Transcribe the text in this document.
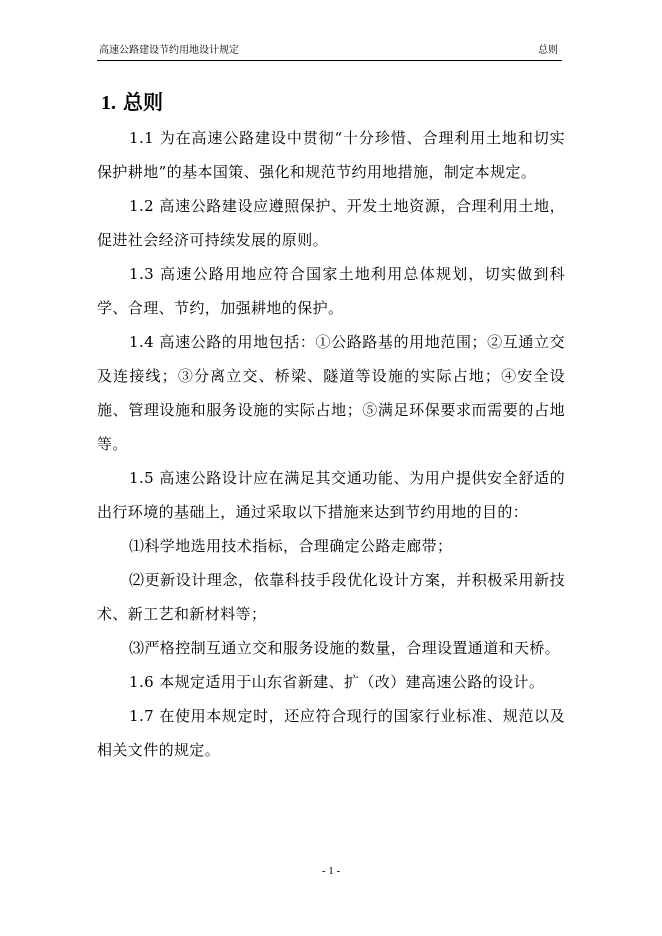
高速公路建设节约用地设计规定	总则
1. 总则

1.1 为在高速公路建设中贯彻“十分珍惜、合理利用土地和切实保护耕地”的基本国策、强化和规范节约用地措施，制定本规定。

1.2 高速公路建设应遵照保护、开发土地资源，合理利用土地，促进社会经济可持续发展的原则。

1.3 高速公路用地应符合国家土地利用总体规划，切实做到科学、合理、节约，加强耕地的保护。

1.4 高速公路的用地包括：①公路路基的用地范围；②互通立交及连接线；③分离立交、桥梁、隧道等设施的实际占地；④安全设施、管理设施和服务设施的实际占地；⑤满足环保要求而需要的占地等。

1.5 高速公路设计应在满足其交通功能、为用户提供安全舒适的出行环境的基础上，通过采取以下措施来达到节约用地的目的：

⑴科学地选用技术指标，合理确定公路走廊带；

⑵更新设计理念，依靠科技手段优化设计方案，并积极采用新技术、新工艺和新材料等；

⑶严格控制互通立交和服务设施的数量，合理设置通道和天桥。

1.6 本规定适用于山东省新建、扩（改）建高速公路的设计。

1.7 在使用本规定时，还应符合现行的国家行业标准、规范以及相关文件的规定。

- 1 -
